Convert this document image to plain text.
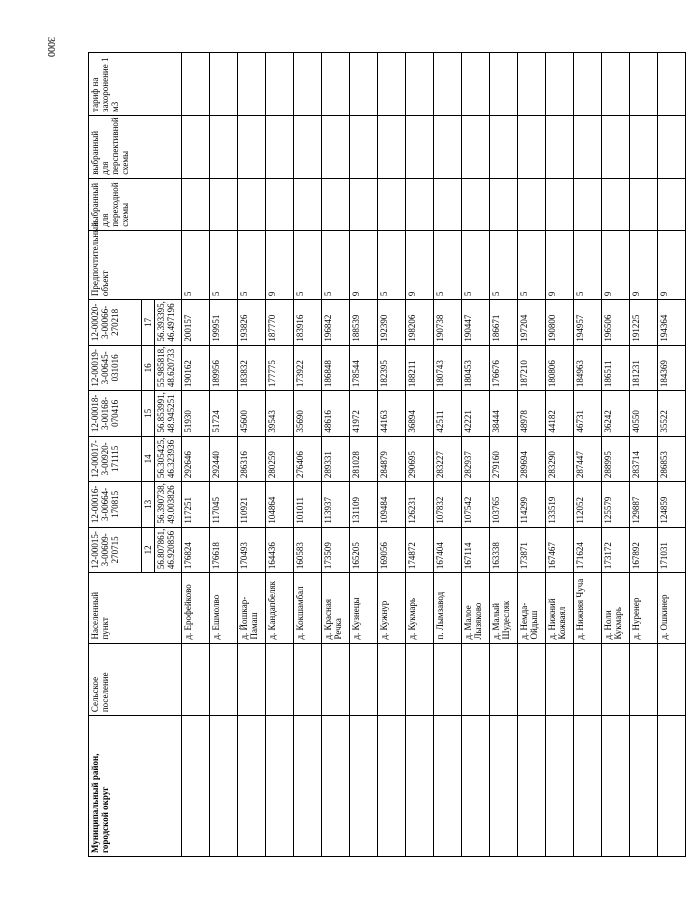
3000
Муниципальный район, городской округ	Сельское поселение	Населенный пункт	12-00015-3-00609-270715	12-00016-3-00664-170815	12-00017-3-00920-171115	12-00018-3-00168-070416	12-00019-3-00645-031016	12-00020-3-00066-270218	Предпочтительный объект	выбранный для переходной схемы	выбранный для перспективной схемы	тариф на захоронение 1 м3
			12	13	14	15	16	17				
			56.807861, 46.920856	56.390738, 49.003826	56.305425, 46.323936	56.853991, 48.945251	55.985818, 48.620733	56.393395, 46.497196				
		д. Ерофейково	176824	117251	292646	51930	190162	200157	5			
		д. Ешмолво	176618	117045	292440	51724	189956	199951	5			
		д. Йошкар-Памаш	170493	110921	286316	45600	183832	193826	5			
		д. Кандапбеляк	164436	104864	280259	39543	177775	187770	9			
		д. Кокшамбал	160583	101011	276406	35690	173922	183916	5			
		д. Красная Речка	173509	113937	289331	48616	186848	196842	5			
		д. Кузнецы	165205	131109	281028	41972	178544	188539	9			
		д. Кужнур	169056	109484	284879	44163	182395	192390	5			
		д. Кукмарь	174872	126231	290695	36894	188211	198206	9			
		п. Лымзавод	167404	107832	283227	42511	180743	190738	5			
		д. Малое Лызяково	167114	107542	282937	42221	180453	190447	5			
		д. Малый Шудесляк	163338	103765	279160	38444	176676	186671	5			
		д. Немда-Ойдыш	173871	114299	289694	48978	187210	197204	5			
		д. Нижний Кожваял	167467	133519	283290	44182	180806	190800	9			
		д. Нижняя Чуча	171624	112052	287447	46731	184963	194957	5			
		д. Ноли Кукмарь	173172	125579	288995	36242	186511	196506	9			
		д. Нуренер	167892	129887	283714	40550	181231	191225	9			
		д. Ошкинер	171031	124859	286853	35522	184369	194364	9			
